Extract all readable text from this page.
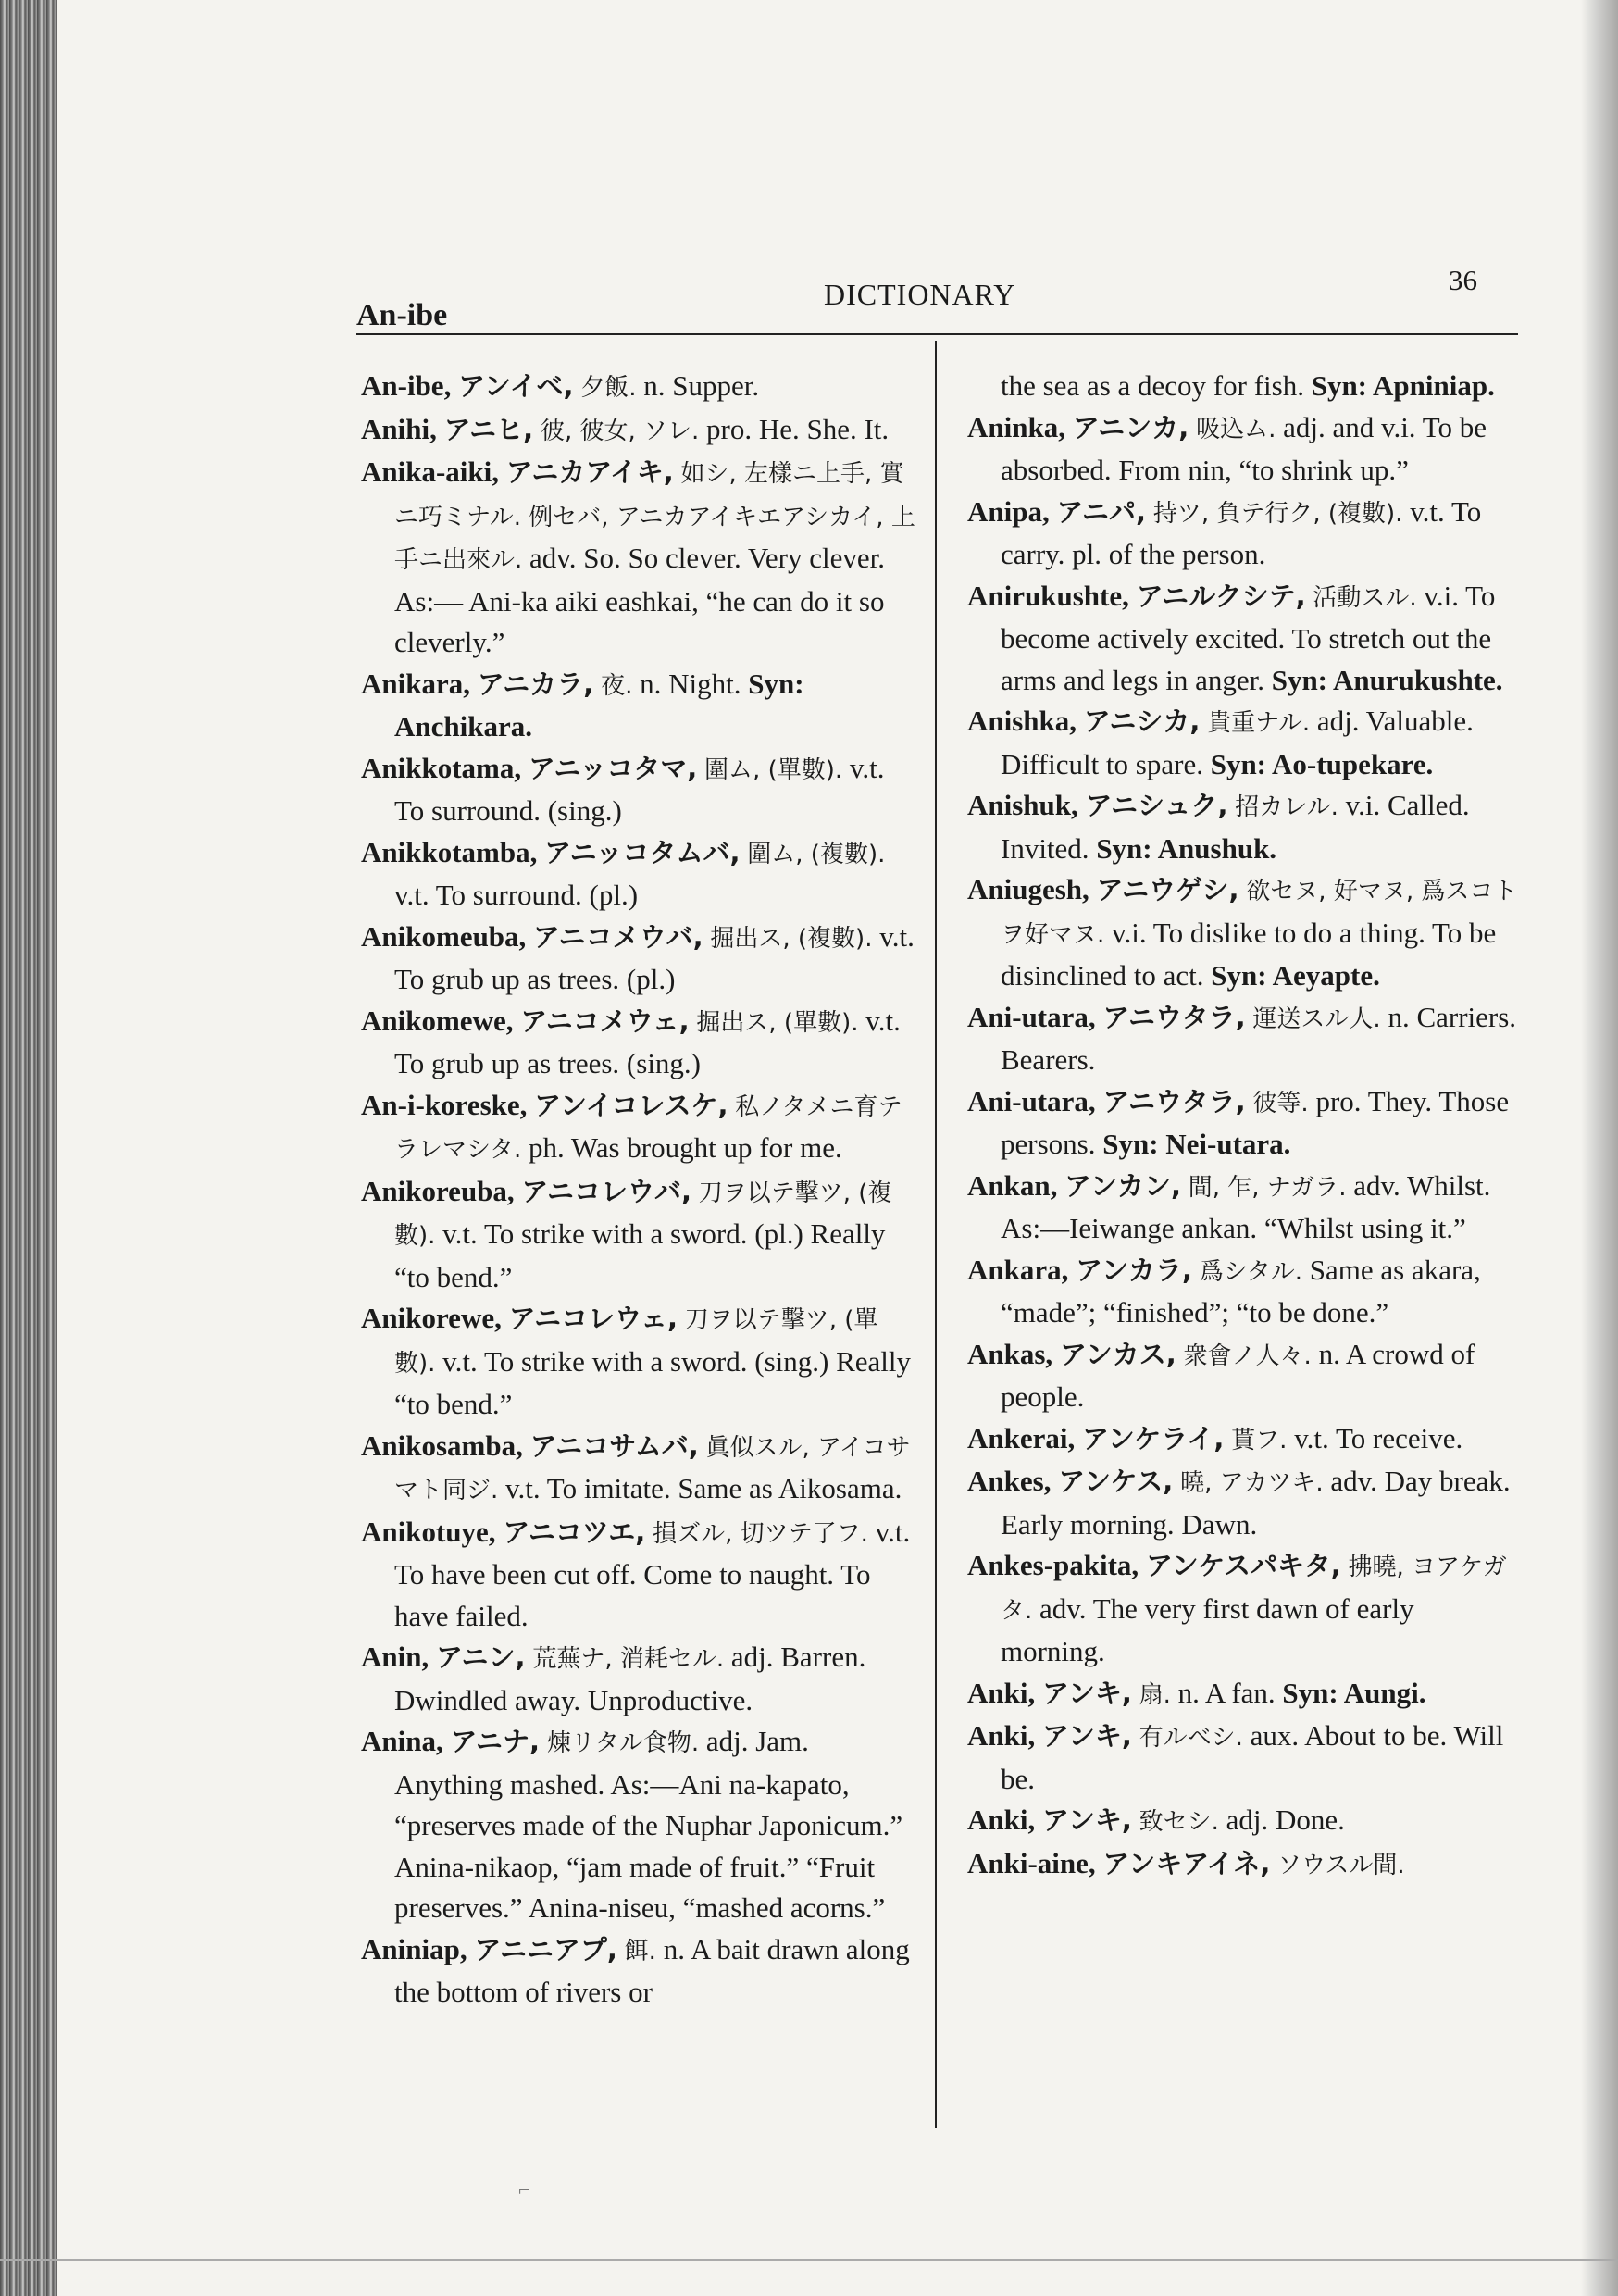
An-ibe
DICTIONARY	36

An-ibe, アンイベ, 夕飯. n. Supper.

Anihi, アニヒ, 彼, 彼女, ソレ. pro. He. She. It.

Anika-aiki, アニカアイキ, 如シ, 左樣ニ上手, 實ニ巧ミナル. 例セバ, アニカアイキエアシカイ, 上手ニ出來ル. adv. So. So clever. Very clever. As:— Ani-ka aiki eashkai, “he can do it so cleverly.”

Anikara, アニカラ, 夜. n. Night. Syn: Anchikara.

Anikkotama, アニッコタマ, 圍ム, (單數). v.t. To surround. (sing.)

Anikkotamba, アニッコタムバ, 圍ム, (複數). v.t. To surround. (pl.)

Anikomeuba, アニコメウバ, 掘出ス, (複數). v.t. To grub up as trees. (pl.)

Anikomewe, アニコメウェ, 掘出ス, (單數). v.t. To grub up as trees. (sing.)

An-i-koreske, アンイコレスケ, 私ノタメニ育テラレマシタ. ph. Was brought up for me.

Anikoreuba, アニコレウバ, 刀ヲ以テ擊ツ, (複數). v.t. To strike with a sword. (pl.) Really “to bend.”

Anikorewe, アニコレウェ, 刀ヲ以テ擊ツ, (單數). v.t. To strike with a sword. (sing.) Really “to bend.”

Anikosamba, アニコサムバ, 眞似スル, アイコサマト同ジ. v.t. To imitate. Same as Aikosama.

Anikotuye, アニコツエ, 損ズル, 切ツテ了フ. v.t. To have been cut off. Come to naught. To have failed.

Anin, アニン, 荒蕪ナ, 消耗セル. adj. Barren. Dwindled away. Unproductive.

Anina, アニナ, 煉リタル食物. adj. Jam. Anything mashed. As:—Ani na-kapato, “preserves made of the Nuphar Japonicum.” Anina-nikaop, “jam made of fruit.” “Fruit preserves.” Anina-niseu, “mashed acorns.”

Aniniap, アニニアプ, 餌. n. A bait drawn along the bottom of rivers or

the sea as a decoy for fish. Syn: Apniniap.

Aninka, アニンカ, 吸込ム. adj. and v.i. To be absorbed. From nin, “to shrink up.”

Anipa, アニパ, 持ツ, 負テ行ク, (複數). v.t. To carry. pl. of the person.

Anirukushte, アニルクシテ, 活動スル. v.i. To become actively excited. To stretch out the arms and legs in anger. Syn: Anurukushte.

Anishka, アニシカ, 貴重ナル. adj. Valuable. Difficult to spare. Syn: Ao-tupekare.

Anishuk, アニシュク, 招カレル. v.i. Called. Invited. Syn: Anushuk.

Aniugesh, アニウゲシ, 欲セヌ, 好マヌ, 爲スコトヲ好マヌ. v.i. To dislike to do a thing. To be disinclined to act. Syn: Aeyapte.

Ani-utara, アニウタラ, 運送スル人. n. Carriers. Bearers.

Ani-utara, アニウタラ, 彼等. pro. They. Those persons. Syn: Nei-utara.

Ankan, アンカン, 間, 乍, ナガラ. adv. Whilst. As:—Ieiwange ankan. “Whilst using it.”

Ankara, アンカラ, 爲シタル. Same as akara, “made”; “finished”; “to be done.”

Ankas, アンカス, 衆會ノ人々. n. A crowd of people.

Ankerai, アンケライ, 貰フ. v.t. To receive.

Ankes, アンケス, 曉, アカツキ. adv. Day break. Early morning. Dawn.

Ankes-pakita, アンケスパキタ, 拂曉, ヨアケガタ. adv. The very first dawn of early morning.

Anki, アンキ, 扇. n. A fan. Syn: Aungi.

Anki, アンキ, 有ルベシ. aux. About to be. Will be.

Anki, アンキ, 致セシ. adj. Done.

Anki-aine, アンキアイネ, ソウスル間.

⌐
